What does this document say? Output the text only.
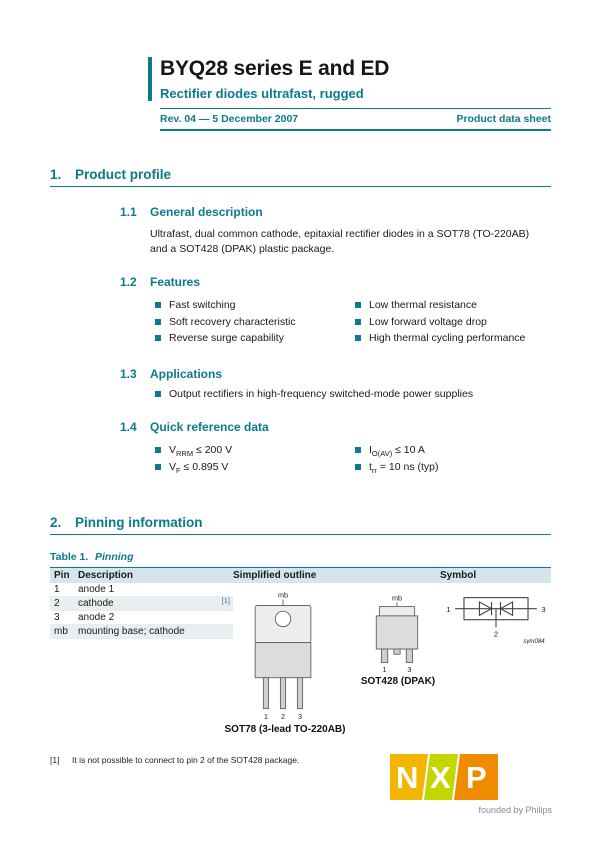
BYQ28 series E and ED
Rectifier diodes ultrafast, rugged
Rev. 04 — 5 December 2007	Product data sheet
1.	Product profile
1.1	General description

Ultrafast, dual common cathode, epitaxial rectifier diodes in a SOT78 (TO-220AB) and a SOT428 (DPAK) plastic package.

1.2	Features
Fast switching
Soft recovery characteristic
Reverse surge capability
Low thermal resistance
Low forward voltage drop
High thermal cycling performance
1.3	Applications
Output rectifiers in high-frequency switched-mode power supplies
1.4	Quick reference data
$V_{RRM} \le 200$ V
$V_F \le 0.895$ V
$I_{O(AV)} \le 10$ A
$t_{rr} = 10$ ns (typ)
2.	Pinning information
Table 1. Pinning
Pin Description	Simplified outline	Symbol
1	anode 1
2	cathode	[1]
3	anode 2
mb	mounting base; cathode
mb
1 2 3
SOT78 (3-lead TO-220AB)
mb
1	3
SOT428 (DPAK)
1	3
2
sym084
[1]	It is not possible to connect to pin 2 of the SOT428 package.	N X P
founded by Philips
